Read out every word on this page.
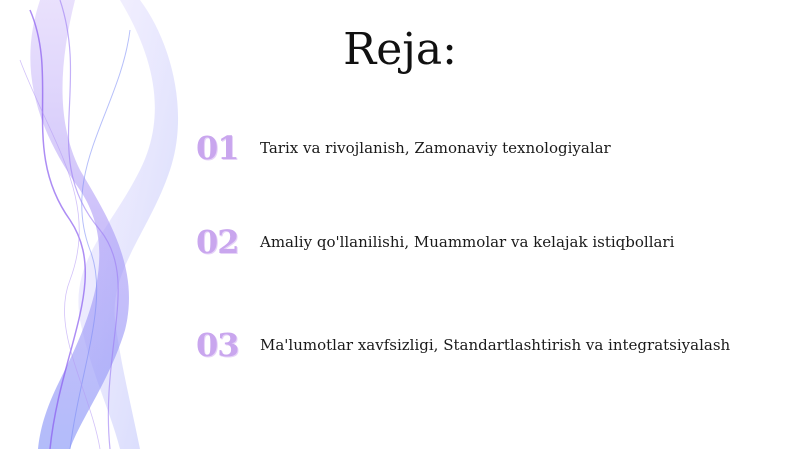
Reja:
01	Tarix va rivojlanish, Zamonaviy texnologiyalar
02	Amaliy qo'llanilishi, Muammolar va kelajak istiqbollari
03	Ma'lumotlar xavfsizligi, Standartlashtirish va integratsiyalash
